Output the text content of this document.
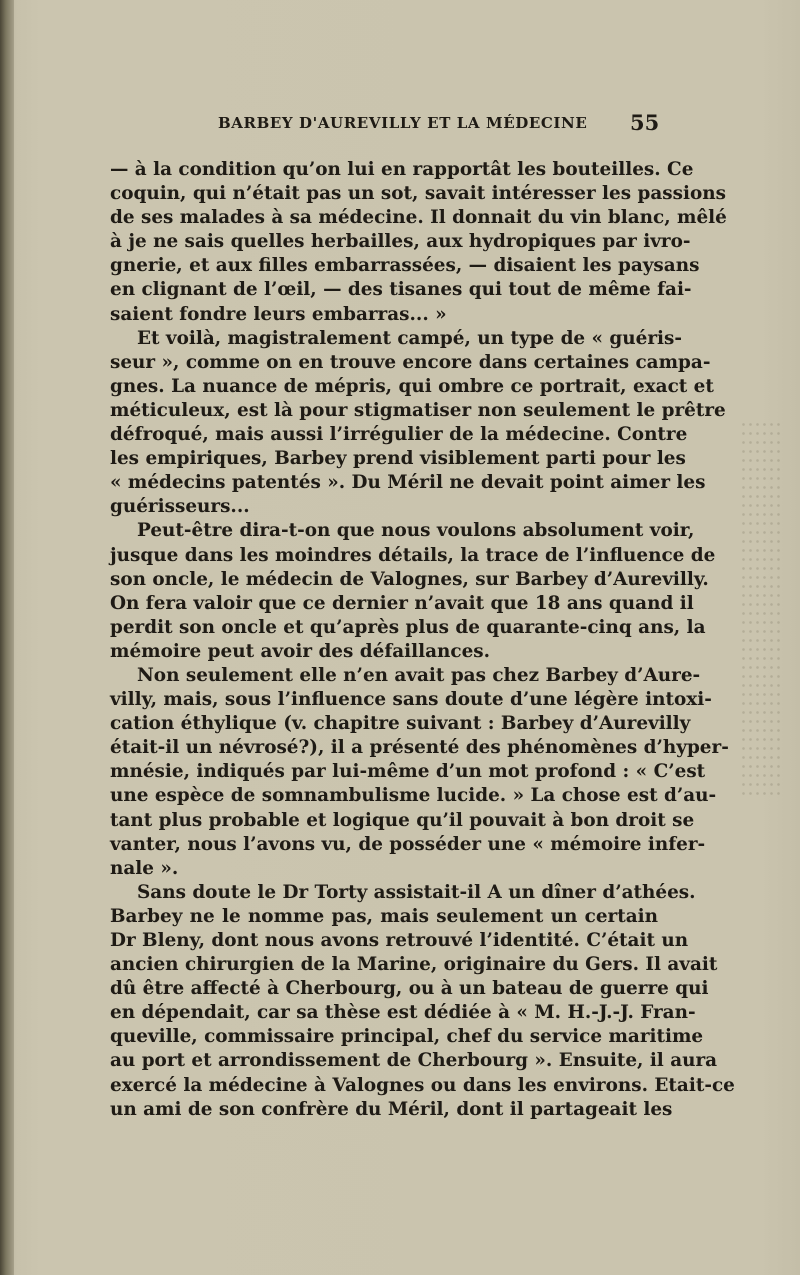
BARBEY D'AUREVILLY ET LA MÉDECINE 55
— à la condition qu’on lui en rapportât les bouteilles. Ce
coquin, qui n’était pas un sot, savait intéresser les passions
de ses malades à sa médecine. Il donnait du vin blanc, mêlé
à je ne sais quelles herbailles, aux hydropiques par ivro-
gnerie, et aux filles embarrassées, — disaient les paysans
en clignant de l’œil, — des tisanes qui tout de même fai-
saient fondre leurs embarras... »
Et voilà, magistralement campé, un type de « guéris-
seur », comme on en trouve encore dans certaines campa-
gnes. La nuance de mépris, qui ombre ce portrait, exact et
méticuleux, est là pour stigmatiser non seulement le prêtre
défroqué, mais aussi l’irrégulier de la médecine. Contre
les empiriques, Barbey prend visiblement parti pour les
« médecins patentés ». Du Méril ne devait point aimer les
guérisseurs...
Peut-être dira-t-on que nous voulons absolument voir,
jusque dans les moindres détails, la trace de l’influence de
son oncle, le médecin de Valognes, sur Barbey d’Aurevilly.
On fera valoir que ce dernier n’avait que 18 ans quand il
perdit son oncle et qu’après plus de quarante-cinq ans, la
mémoire peut avoir des défaillances.
Non seulement elle n’en avait pas chez Barbey d’Aure-
villy, mais, sous l’influence sans doute d’une légère intoxi-
cation éthylique (v. chapitre suivant : Barbey d’Aurevilly
était-il un névrosé?), il a présenté des phénomènes d’hyper-
mnésie, indiqués par lui-même d’un mot profond : « C’est
une espèce de somnambulisme lucide. » La chose est d’au-
tant plus probable et logique qu’il pouvait à bon droit se
vanter, nous l’avons vu, de posséder une « mémoire infer-
nale ».
Sans doute le Dr Torty assistait-il A un dîner d’athées.
Barbey ne le nomme pas, mais seulement un certain
Dr Bleny, dont nous avons retrouvé l’identité. C’était un
ancien chirurgien de la Marine, originaire du Gers. Il avait
dû être affecté à Cherbourg, ou à un bateau de guerre qui
en dépendait, car sa thèse est dédiée à « M. H.-J.-J. Fran-
queville, commissaire principal, chef du service maritime
au port et arrondissement de Cherbourg ». Ensuite, il aura
exercé la médecine à Valognes ou dans les environs. Etait-ce
un ami de son confrère du Méril, dont il partageait les
